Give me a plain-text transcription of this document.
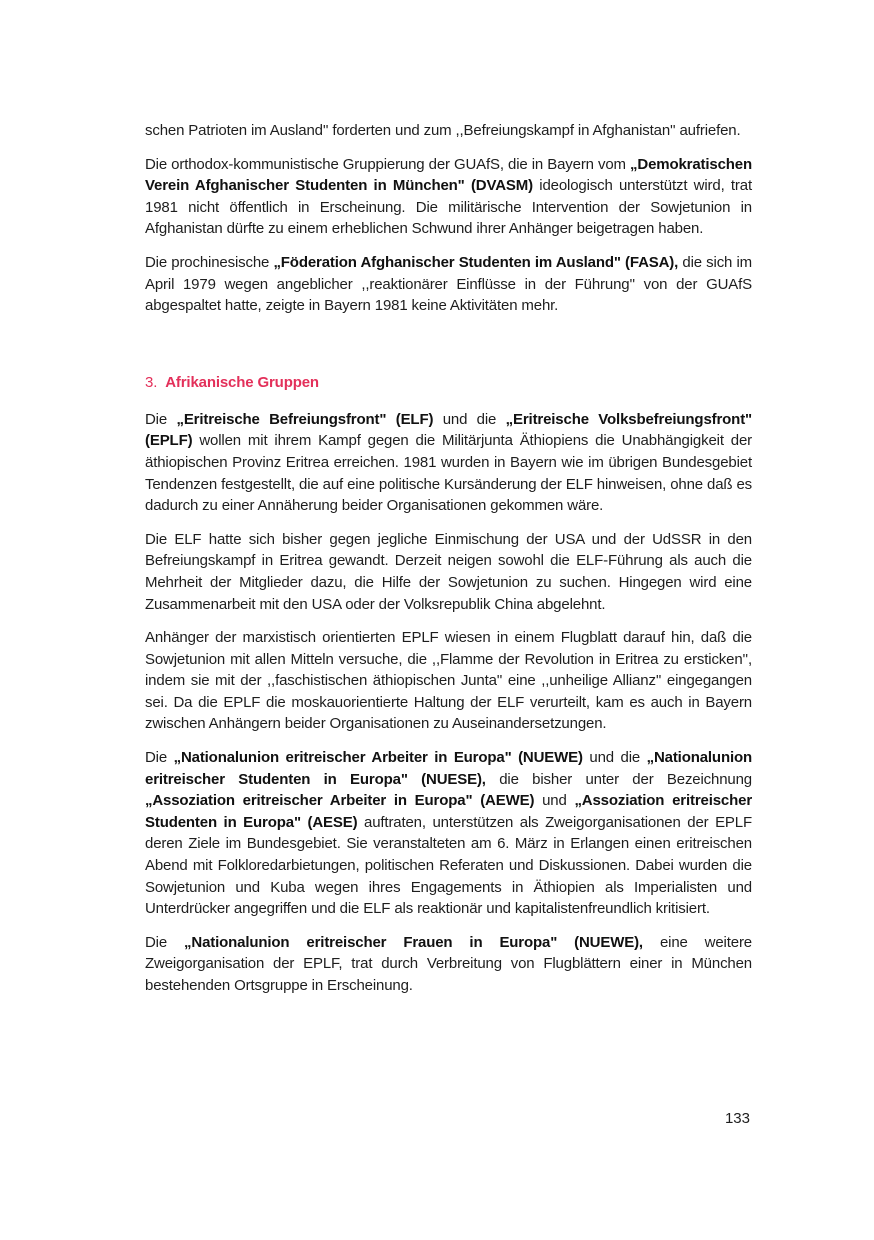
schen Patrioten im Ausland'' forderten und zum ,,Befreiungskampf in Afghanistan'' aufriefen.

Die orthodox-kommunistische Gruppierung der GUAfS, die in Bayern vom „Demokratischen Verein Afghanischer Studenten in München" (DVASM) ideologisch unterstützt wird, trat 1981 nicht öffentlich in Erscheinung. Die militärische Intervention der Sowjetunion in Afghanistan dürfte zu einem erheblichen Schwund ihrer Anhänger beigetragen haben.

Die prochinesische „Föderation Afghanischer Studenten im Ausland" (FASA), die sich im April 1979 wegen angeblicher ,,reaktionärer Einflüsse in der Führung'' von der GUAfS abgespaltet hatte, zeigte in Bayern 1981 keine Aktivitäten mehr.

3. Afrikanische Gruppen

Die „Eritreische Befreiungsfront" (ELF) und die „Eritreische Volksbefreiungsfront" (EPLF) wollen mit ihrem Kampf gegen die Militärjunta Äthiopiens die Unabhängigkeit der äthiopischen Provinz Eritrea erreichen. 1981 wurden in Bayern wie im übrigen Bundesgebiet Tendenzen festgestellt, die auf eine politische Kursänderung der ELF hinweisen, ohne daß es dadurch zu einer Annäherung beider Organisationen gekommen wäre.

Die ELF hatte sich bisher gegen jegliche Einmischung der USA und der UdSSR in den Befreiungskampf in Eritrea gewandt. Derzeit neigen sowohl die ELF-Führung als auch die Mehrheit der Mitglieder dazu, die Hilfe der Sowjetunion zu suchen. Hingegen wird eine Zusammenarbeit mit den USA oder der Volksrepublik China abgelehnt.

Anhänger der marxistisch orientierten EPLF wiesen in einem Flugblatt darauf hin, daß die Sowjetunion mit allen Mitteln versuche, die ,,Flamme der Revolution in Eritrea zu ersticken'', indem sie mit der ,,faschistischen äthiopischen Junta'' eine ,,unheilige Allianz'' eingegangen sei. Da die EPLF die moskauorientierte Haltung der ELF verurteilt, kam es auch in Bayern zwischen Anhängern beider Organisationen zu Auseinandersetzungen.

Die „Nationalunion eritreischer Arbeiter in Europa" (NUEWE) und die „Nationalunion eritreischer Studenten in Europa" (NUESE), die bisher unter der Bezeichnung „Assoziation eritreischer Arbeiter in Europa" (AEWE) und „Assoziation eritreischer Studenten in Europa" (AESE) auftraten, unterstützen als Zweigorganisationen der EPLF deren Ziele im Bundesgebiet. Sie veranstalteten am 6. März in Erlangen einen eritreischen Abend mit Folkloredarbietungen, politischen Referaten und Diskussionen. Dabei wurden die Sowjetunion und Kuba wegen ihres Engagements in Äthiopien als Imperialisten und Unterdrücker angegriffen und die ELF als reaktionär und kapitalistenfreundlich kritisiert.

Die „Nationalunion eritreischer Frauen in Europa" (NUEWE), eine weitere Zweigorganisation der EPLF, trat durch Verbreitung von Flugblättern einer in München bestehenden Ortsgruppe in Erscheinung.

133
